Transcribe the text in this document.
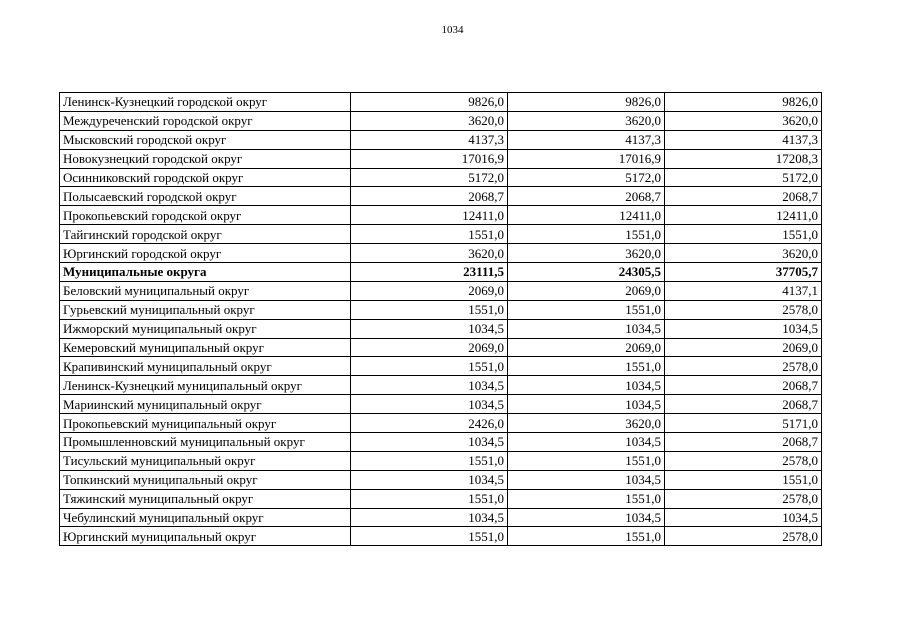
1034
Ленинск-Кузнецкий городской округ	9826,0	9826,0	9826,0
Междуреченский городской округ	3620,0	3620,0	3620,0
Мысковский городской округ	4137,3	4137,3	4137,3
Новокузнецкий городской округ	17016,9	17016,9	17208,3
Осинниковский городской округ	5172,0	5172,0	5172,0
Полысаевский городской округ	2068,7	2068,7	2068,7
Прокопьевский городской округ	12411,0	12411,0	12411,0
Тайгинский городской округ	1551,0	1551,0	1551,0
Юргинский городской округ	3620,0	3620,0	3620,0
Муниципальные округа	23111,5	24305,5	37705,7
Беловский муниципальный округ	2069,0	2069,0	4137,1
Гурьевский муниципальный округ	1551,0	1551,0	2578,0
Ижморский муниципальный округ	1034,5	1034,5	1034,5
Кемеровский муниципальный округ	2069,0	2069,0	2069,0
Крапивинский муниципальный округ	1551,0	1551,0	2578,0
Ленинск-Кузнецкий муниципальный округ	1034,5	1034,5	2068,7
Мариинский муниципальный округ	1034,5	1034,5	2068,7
Прокопьевский муниципальный округ	2426,0	3620,0	5171,0
Промышленновский муниципальный округ	1034,5	1034,5	2068,7
Тисульский муниципальный округ	1551,0	1551,0	2578,0
Топкинский муниципальный округ	1034,5	1034,5	1551,0
Тяжинский муниципальный округ	1551,0	1551,0	2578,0
Чебулинский муниципальный округ	1034,5	1034,5	1034,5
Юргинский муниципальный округ	1551,0	1551,0	2578,0
